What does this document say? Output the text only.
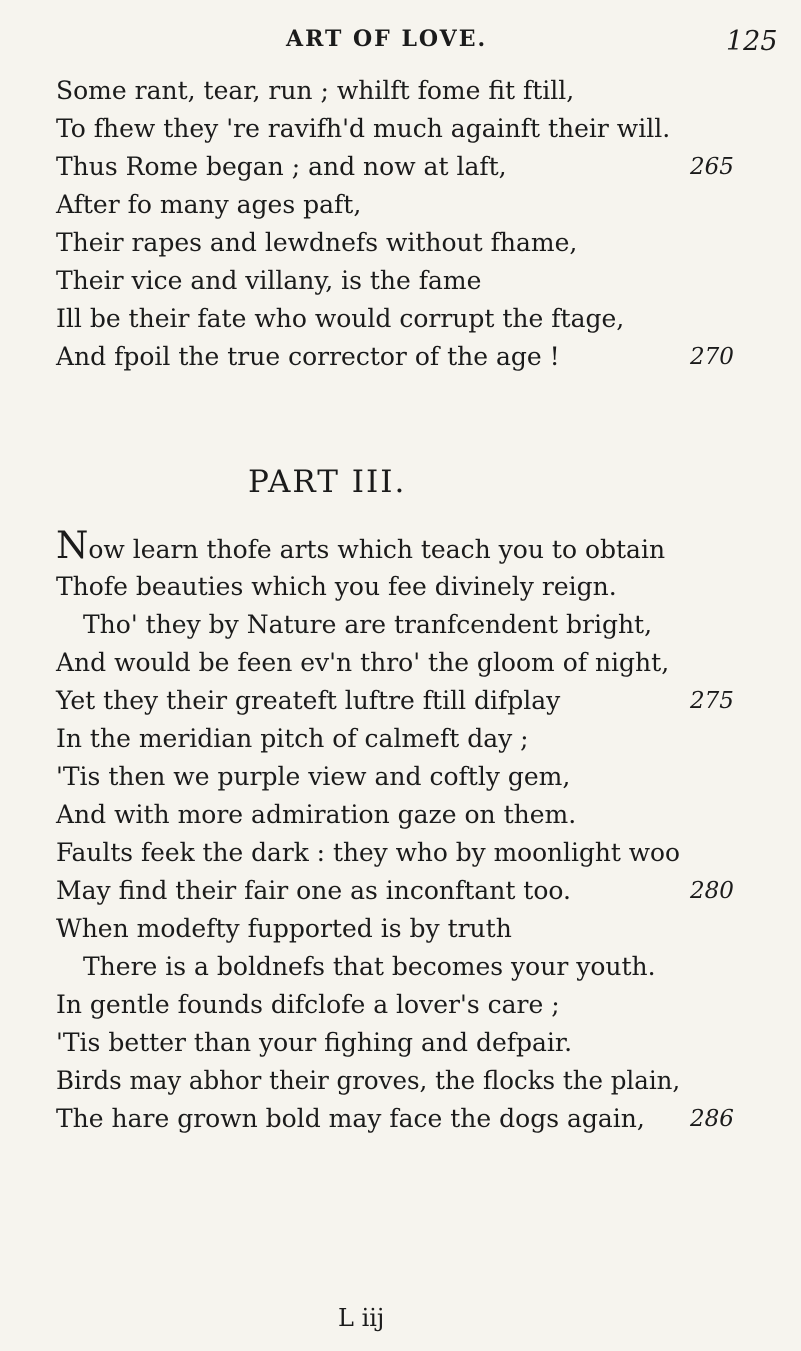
ART OF LOVE.	125
Some rant, tear, run ; whilft fome fit ftill,
To fhew they 're ravifh'd much againft their will.
Thus Rome began ; and now at laft,	265
After fo many ages paft,
Their rapes and lewdnefs without fhame,
Their vice and villany, is the fame
Ill be their fate who would corrupt the ftage,
And fpoil the true corrector of the age !	270
PART III.
Now learn thofe arts which teach you to obtain
Thofe beauties which you fee divinely reign.
Tho' they by Nature are tranfcendent bright,
And would be feen ev'n thro' the gloom of night,
Yet they their greateft luftre ftill difplay	275
In the meridian pitch of calmeft day ;
'Tis then we purple view and coftly gem,
And with more admiration gaze on them.
Faults feek the dark : they who by moonlight woo
May find their fair one as inconftant too.	280
When modefty fupported is by truth
There is a boldnefs that becomes your youth.
In gentle founds difclofe a lover's care ;
'Tis better than your fighing and defpair.
Birds may abhor their groves, the flocks the plain,
The hare grown bold may face the dogs again, 286
L iij
